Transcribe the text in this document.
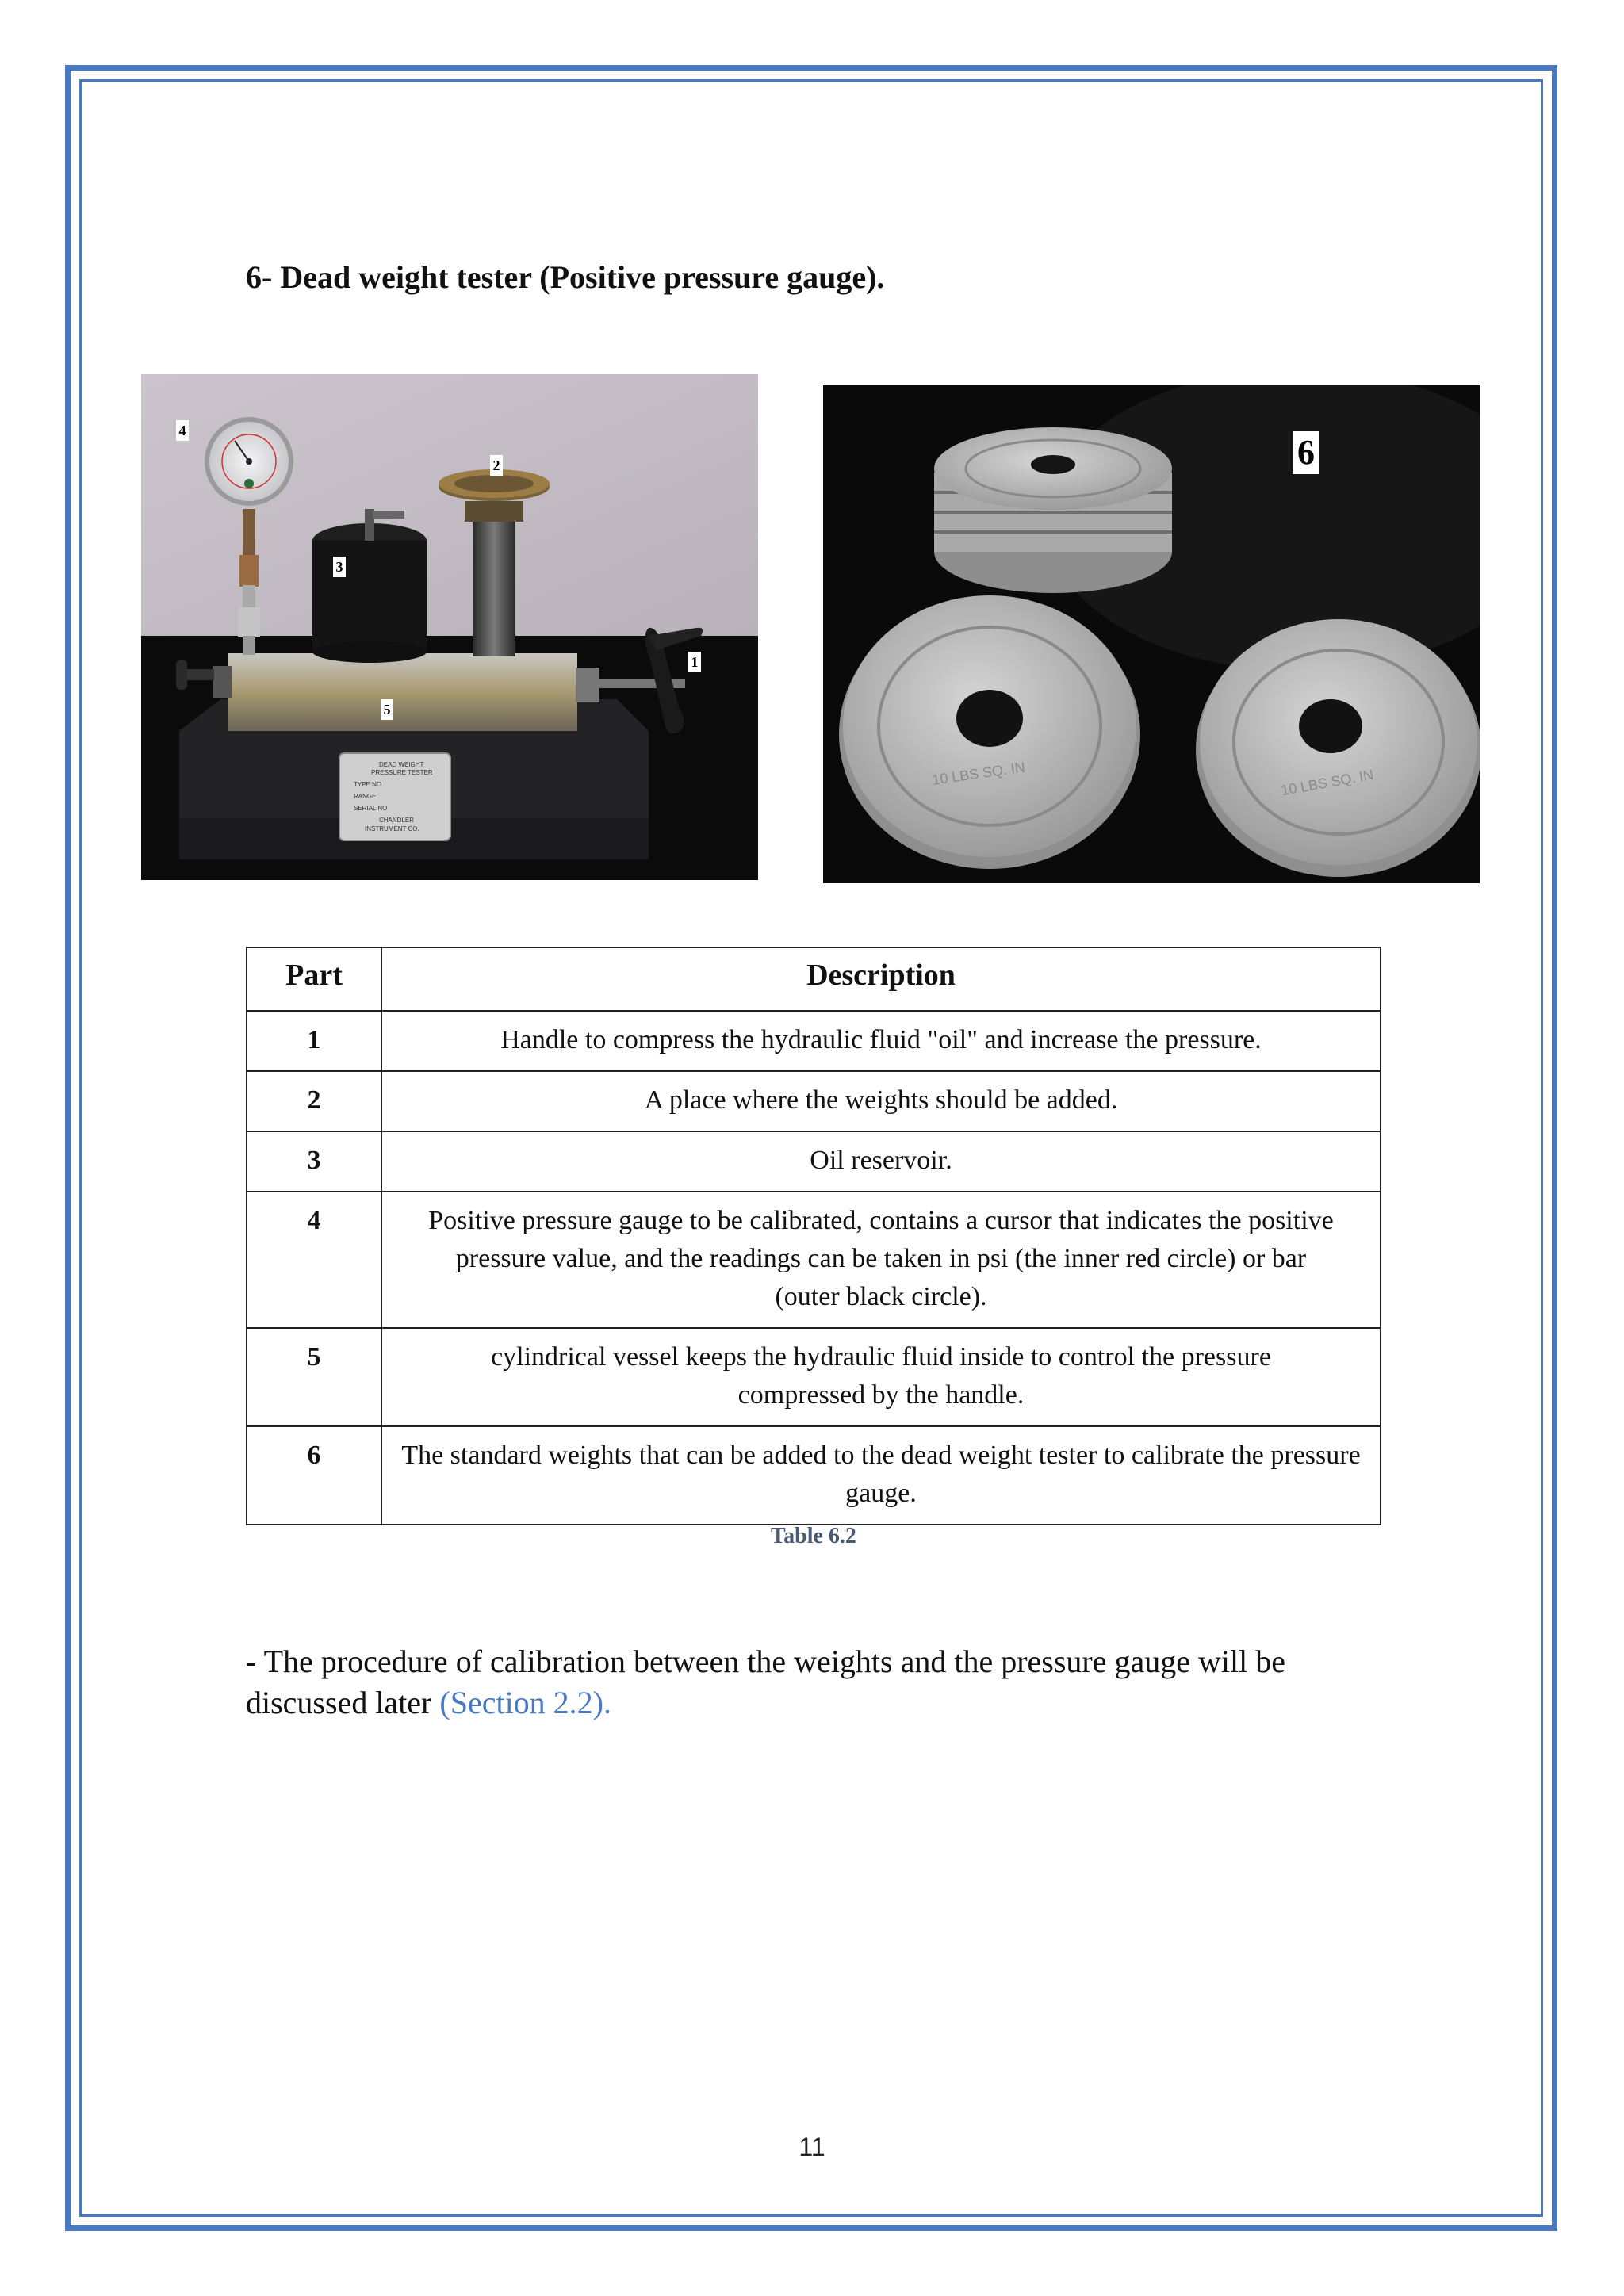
6- Dead weight tester (Positive pressure gauge).
DEAD WEIGHT
PRESSURE TESTER
TYPE NO
RANGE
SERIAL NO
CHANDLER
INSTRUMENT CO.
4
2
3
1
5
10 LBS SQ. IN	10 LBS SQ. IN
6
Part	Description
1	Handle to compress the hydraulic fluid "oil" and increase the pressure.
2	A place where the weights should be added.
3	Oil reservoir.
4	Positive pressure gauge to be calibrated, contains a cursor that indicates the positive pressure value, and the readings can be taken in psi (the inner red circle) or bar (outer black circle).
5	cylindrical vessel keeps the hydraulic fluid inside to control the pressure compressed by the handle.
6	The standard weights that can be added to the dead weight tester to calibrate the pressure gauge.
Table 6.2
- The procedure of calibration between the weights and the pressure gauge will be discussed later (Section 2.2).
11
